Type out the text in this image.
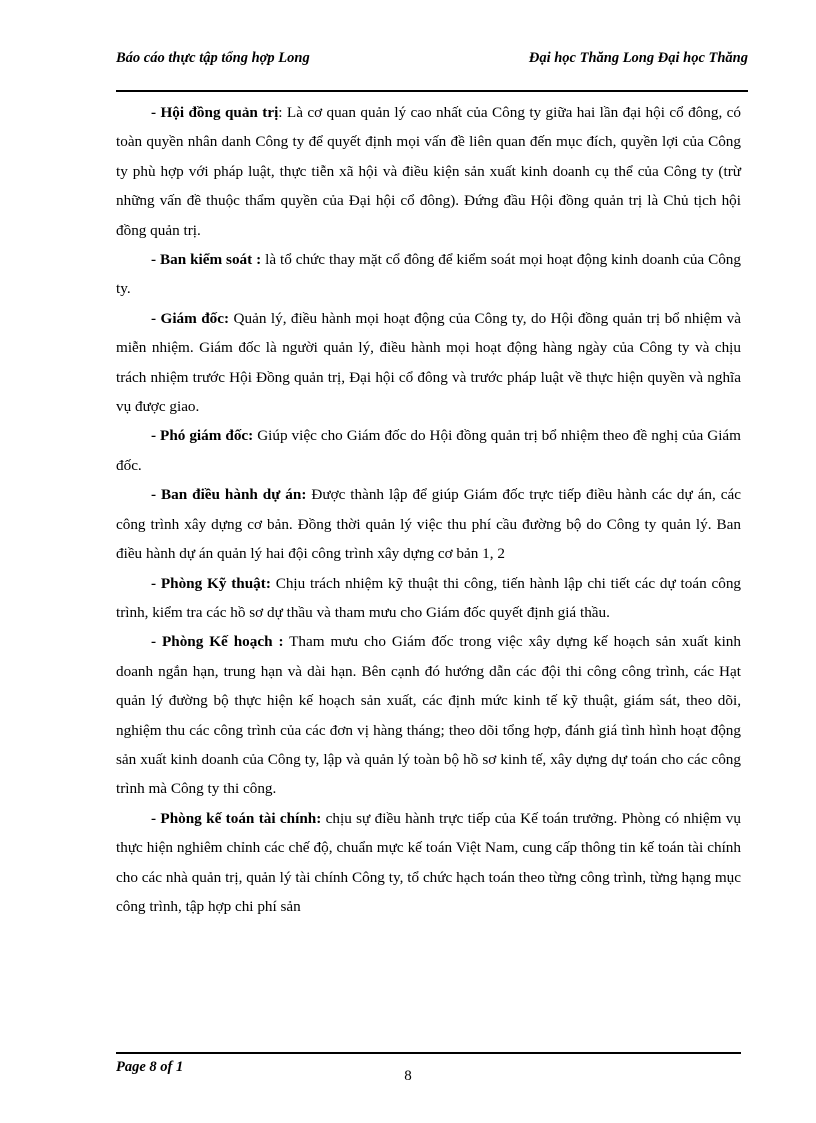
Báo cáo thực tập tổng hợp Long	Đại học Thăng Long Đại học Thăng

- Hội đồng quản trị: Là cơ quan quản lý cao nhất của Công ty giữa hai lần đại hội cổ đông, có toàn quyền nhân danh Công ty để quyết định mọi vấn đề liên quan đến mục đích, quyền lợi của Công ty phù hợp với pháp luật, thực tiễn xã hội và điều kiện sản xuất kinh doanh cụ thể của Công ty (trừ những vấn đề thuộc thẩm quyền của Đại hội cổ đông). Đứng đầu Hội đồng quản trị là Chủ tịch hội đồng quản trị.

- Ban kiểm soát : là tổ chức thay mặt cổ đông để kiểm soát mọi hoạt động kinh doanh của Công ty.

- Giám đốc: Quản lý, điều hành mọi hoạt động của Công ty, do Hội đồng quản trị bổ nhiệm và miễn nhiệm. Giám đốc là người quản lý, điều hành mọi hoạt động hàng ngày của Công ty và chịu trách nhiệm trước Hội Đồng quản trị, Đại hội cổ đông và trước pháp luật về thực hiện quyền và nghĩa vụ được giao.

- Phó giám đốc: Giúp việc cho Giám đốc do Hội đồng quản trị bổ nhiệm theo đề nghị của Giám đốc.

- Ban điều hành dự án: Được thành lập để giúp Giám đốc trực tiếp điều hành các dự án, các công trình xây dựng cơ bản. Đồng thời quản lý việc thu phí cầu đường bộ do Công ty quản lý. Ban điều hành dự án quản lý hai đội công trình xây dựng cơ bản 1, 2

- Phòng Kỹ thuật: Chịu trách nhiệm kỹ thuật thi công, tiến hành lập chi tiết các dự toán công trình, kiểm tra các hồ sơ dự thầu và tham mưu cho Giám đốc quyết định giá thầu.

- Phòng Kế hoạch : Tham mưu cho Giám đốc trong việc xây dựng kế hoạch sản xuất kinh doanh ngắn hạn, trung hạn và dài hạn. Bên cạnh đó hướng dẫn các đội thi công công trình, các Hạt quản lý đường bộ thực hiện kế hoạch sản xuất, các định mức kinh tế kỹ thuật, giám sát, theo dõi, nghiệm thu các công trình của các đơn vị hàng tháng; theo dõi tổng hợp, đánh giá tình hình hoạt động sản xuất kinh doanh của Công ty, lập và quản lý toàn bộ hồ sơ kinh tế, xây dựng dự toán cho các công trình mà Công ty thi công.

- Phòng kế toán tài chính: chịu sự điều hành trực tiếp của Kế toán trưởng. Phòng có nhiệm vụ thực hiện nghiêm chỉnh các chế độ, chuẩn mực kế toán Việt Nam, cung cấp thông tin kế toán tài chính cho các nhà quản trị, quản lý tài chính Công ty, tổ chức hạch toán theo từng công trình, từng hạng mục công trình, tập hợp chi phí sản

Page 8 of 1
8
